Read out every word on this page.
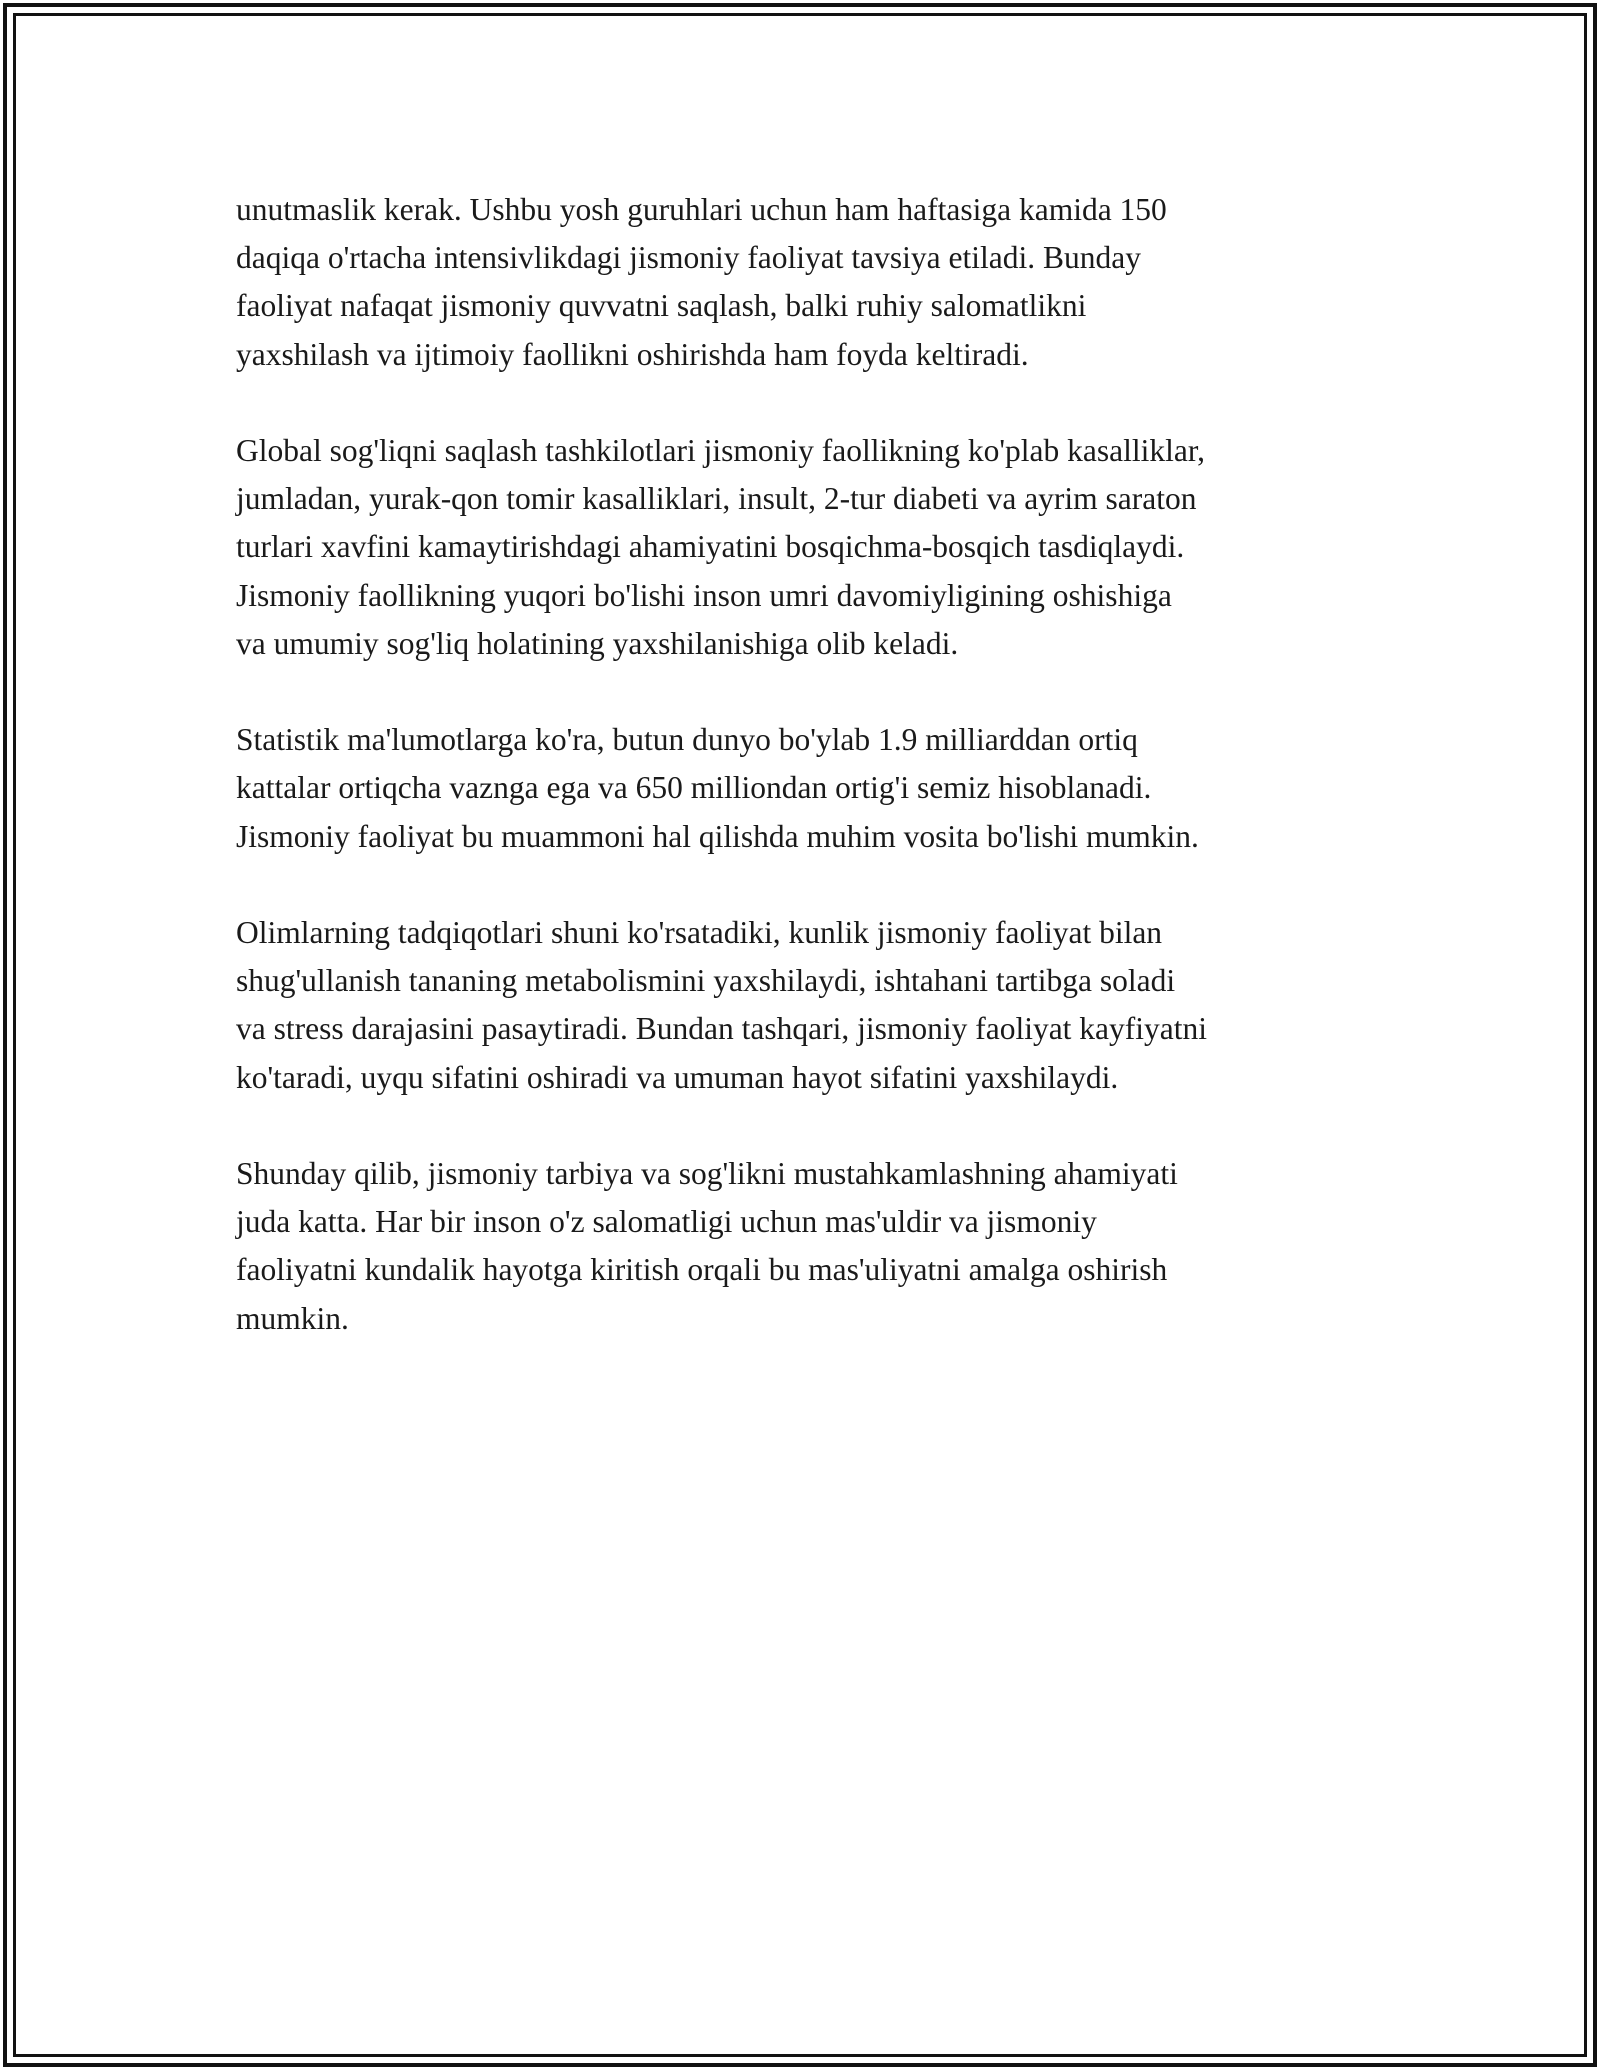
unutmaslik kerak. Ushbu yosh guruhlari uchun ham haftasiga kamida 150
daqiqa o'rtacha intensivlikdagi jismoniy faoliyat tavsiya etiladi. Bunday
faoliyat nafaqat jismoniy quvvatni saqlash, balki ruhiy salomatlikni
yaxshilash va ijtimoiy faollikni oshirishda ham foyda keltiradi.

Global sog'liqni saqlash tashkilotlari jismoniy faollikning ko'plab kasalliklar,
jumladan, yurak-qon tomir kasalliklari, insult, 2-tur diabeti va ayrim saraton
turlari xavfini kamaytirishdagi ahamiyatini bosqichma-bosqich tasdiqlaydi.
Jismoniy faollikning yuqori bo'lishi inson umri davomiyligining oshishiga
va umumiy sog'liq holatining yaxshilanishiga olib keladi.

Statistik ma'lumotlarga ko'ra, butun dunyo bo'ylab 1.9 milliarddan ortiq
kattalar ortiqcha vaznga ega va 650 milliondan ortig'i semiz hisoblanadi.
Jismoniy faoliyat bu muammoni hal qilishda muhim vosita bo'lishi mumkin.

Olimlarning tadqiqotlari shuni ko'rsatadiki, kunlik jismoniy faoliyat bilan
shug'ullanish tananing metabolismini yaxshilaydi, ishtahani tartibga soladi
va stress darajasini pasaytiradi. Bundan tashqari, jismoniy faoliyat kayfiyatni
ko'taradi, uyqu sifatini oshiradi va umuman hayot sifatini yaxshilaydi.

Shunday qilib, jismoniy tarbiya va sog'likni mustahkamlashning ahamiyati
juda katta. Har bir inson o'z salomatligi uchun mas'uldir va jismoniy
faoliyatni kundalik hayotga kiritish orqali bu mas'uliyatni amalga oshirish
mumkin.
